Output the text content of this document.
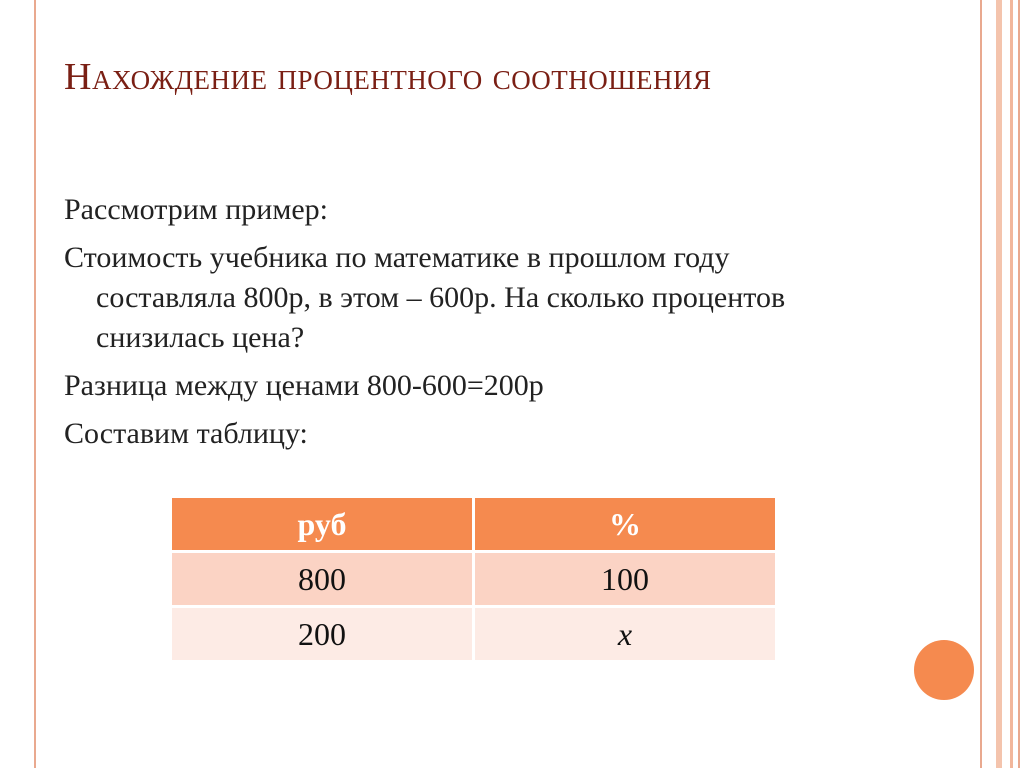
Нахождение процентного соотношения

Рассмотрим пример:

Стоимость учебника по математике в прошлом году составляла 800р, в этом – 600р. На сколько процентов снизилась цена?

Разница между ценами 800-600=200р

Составим таблицу:

руб	%
800	100
200	x
